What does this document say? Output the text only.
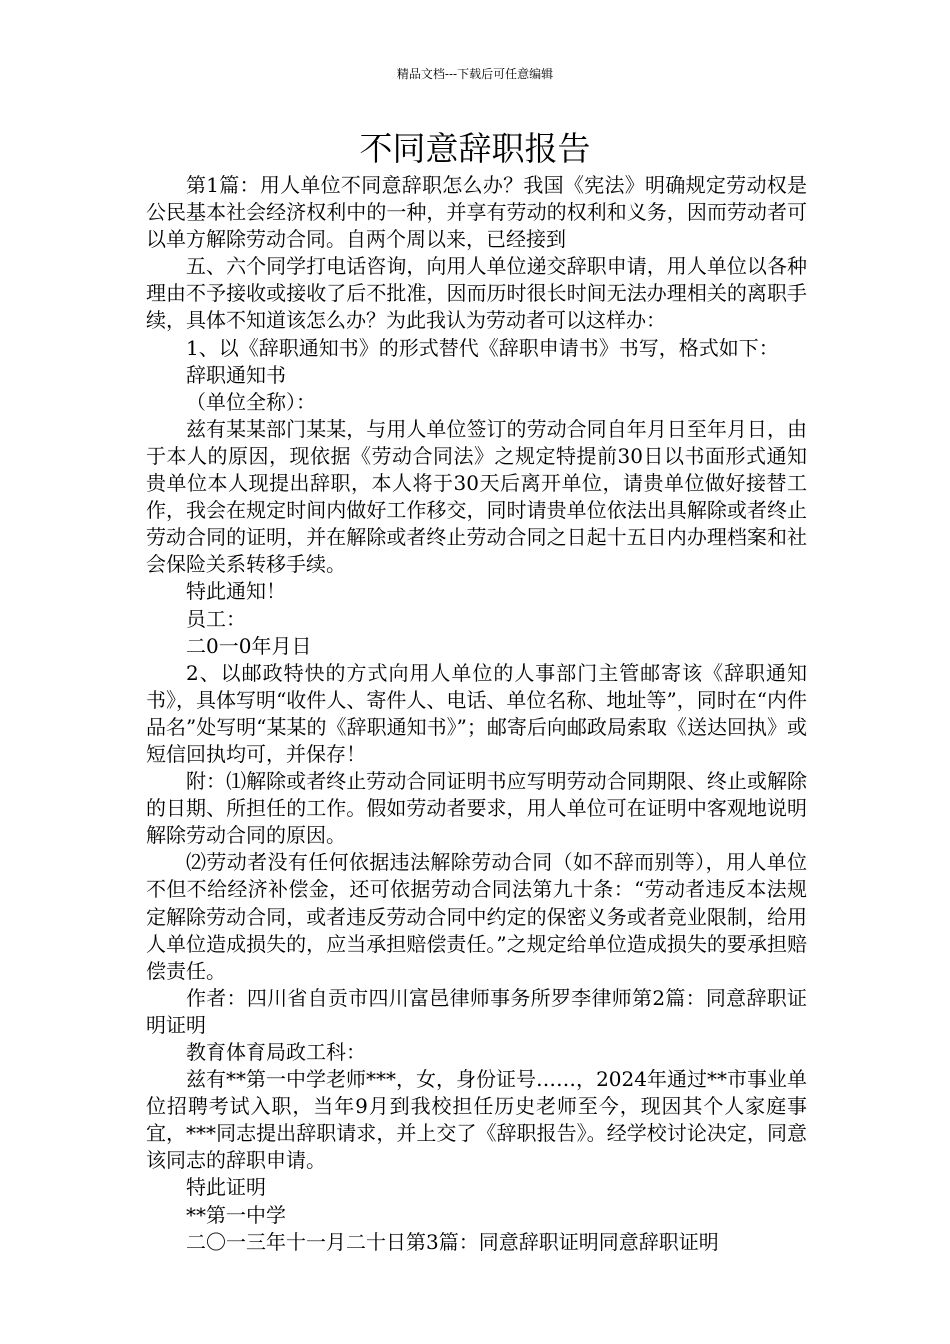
精品文档---下载后可任意编辑
不同意辞职报告

第1篇：用人单位不同意辞职怎么办？我国《宪法》明确规定劳动权是公民基本社会经济权利中的一种，并享有劳动的权利和义务，因而劳动者可以单方解除劳动合同。自两个周以来，已经接到

五、六个同学打电话咨询，向用人单位递交辞职申请，用人单位以各种理由不予接收或接收了后不批准，因而历时很长时间无法办理相关的离职手续，具体不知道该怎么办？为此我认为劳动者可以这样办：

1、以《辞职通知书》的形式替代《辞职申请书》书写，格式如下：

辞职通知书

（单位全称）：

兹有某某部门某某，与用人单位签订的劳动合同自年月日至年月日，由于本人的原因，现依据《劳动合同法》之规定特提前30日以书面形式通知贵单位本人现提出辞职，本人将于30天后离开单位，请贵单位做好接替工作，我会在规定时间内做好工作移交，同时请贵单位依法出具解除或者终止劳动合同的证明，并在解除或者终止劳动合同之日起十五日内办理档案和社会保险关系转移手续。

特此通知！

员工：

二0一0年月日

2、以邮政特快的方式向用人单位的人事部门主管邮寄该《辞职通知书》，具体写明“收件人、寄件人、电话、单位名称、地址等”，同时在“内件品名”处写明“某某的《辞职通知书》”；邮寄后向邮政局索取《送达回执》或短信回执均可，并保存！

附：⑴解除或者终止劳动合同证明书应写明劳动合同期限、终止或解除的日期、所担任的工作。假如劳动者要求，用人单位可在证明中客观地说明解除劳动合同的原因。

⑵劳动者没有任何依据违法解除劳动合同（如不辞而别等），用人单位不但不给经济补偿金，还可依据劳动合同法第九十条：“劳动者违反本法规定解除劳动合同，或者违反劳动合同中约定的保密义务或者竞业限制，给用人单位造成损失的，应当承担赔偿责任。”之规定给单位造成损失的要承担赔偿责任。

作者：四川省自贡市四川富邑律师事务所罗李律师第2篇：同意辞职证明证明

教育体育局政工科：

兹有**第一中学老师***，女，身份证号……，2024年通过**市事业单位招聘考试入职，当年9月到我校担任历史老师至今，现因其个人家庭事宜，***同志提出辞职请求，并上交了《辞职报告》。经学校讨论决定，同意该同志的辞职申请。

特此证明

**第一中学

二〇一三年十一月二十日第3篇：同意辞职证明同意辞职证明
